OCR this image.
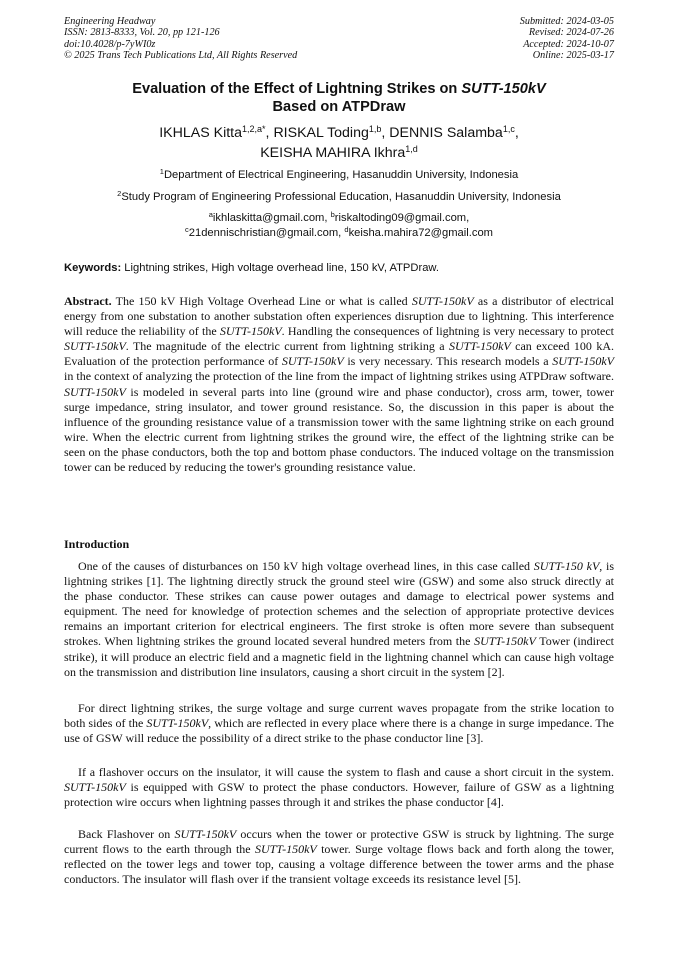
Engineering Headway
ISSN: 2813-8333, Vol. 20, pp 121-126
doi:10.4028/p-7yWI0z
© 2025 Trans Tech Publications Ltd, All Rights Reserved
Submitted: 2024-03-05
Revised: 2024-07-26
Accepted: 2024-10-07
Online: 2025-03-17
Evaluation of the Effect of Lightning Strikes on SUTT-150kV
Based on ATPDraw
IKHLAS Kitta$^{1,2,a*}$, RISKAL Toding$^{1,b}$, DENNIS Salamba$^{1,c}$,
KEISHA MAHIRA Ikhra$^{1,d}$
$^1$Department of Electrical Engineering, Hasanuddin University, Indonesia
$^2$Study Program of Engineering Professional Education, Hasanuddin University, Indonesia
$^a$ikhlaskitta@gmail.com, $^b$riskaltoding09@gmail.com,
$^c$21dennischristian@gmail.com, $^d$keisha.mahira72@gmail.com
Keywords: Lightning strikes, High voltage overhead line, 150 kV, ATPDraw.
Abstract. The 150 kV High Voltage Overhead Line or what is called SUTT-150kV as a distributor of electrical energy from one substation to another substation often experiences disruption due to lightning. This interference will reduce the reliability of the SUTT-150kV. Handling the consequences of lightning is very necessary to protect SUTT-150kV. The magnitude of the electric current from lightning striking a SUTT-150kV can exceed 100 kA. Evaluation of the protection performance of SUTT-150kV is very necessary. This research models a SUTT-150kV in the context of analyzing the protection of the line from the impact of lightning strikes using ATPDraw software. SUTT-150kV is modeled in several parts into line (ground wire and phase conductor), cross arm, tower, tower surge impedance, string insulator, and tower ground resistance. So, the discussion in this paper is about the influence of the grounding resistance value of a transmission tower with the same lightning strike on each ground wire. When the electric current from lightning strikes the ground wire, the effect of the lightning strike can be seen on the phase conductors, both the top and bottom phase conductors. The induced voltage on the transmission tower can be reduced by reducing the tower's grounding resistance value.
Introduction
One of the causes of disturbances on 150 kV high voltage overhead lines, in this case called SUTT-150 kV, is lightning strikes [1]. The lightning directly struck the ground steel wire (GSW) and some also struck directly at the phase conductor. These strikes can cause power outages and damage to electrical power systems and equipment. The need for knowledge of protection schemes and the selection of appropriate protective devices remains an important criterion for electrical engineers. The first stroke is often more severe than subsequent strokes. When lightning strikes the ground located several hundred meters from the SUTT-150kV Tower (indirect strike), it will produce an electric field and a magnetic field in the lightning channel which can cause high voltage on the transmission and distribution line insulators, causing a short circuit in the system [2].
For direct lightning strikes, the surge voltage and surge current waves propagate from the strike location to both sides of the SUTT-150kV, which are reflected in every place where there is a change in surge impedance. The use of GSW will reduce the possibility of a direct strike to the phase conductor line [3].
If a flashover occurs on the insulator, it will cause the system to flash and cause a short circuit in the system. SUTT-150kV is equipped with GSW to protect the phase conductors. However, failure of GSW as a lightning protection wire occurs when lightning passes through it and strikes the phase conductor [4].
Back Flashover on SUTT-150kV occurs when the tower or protective GSW is struck by lightning. The surge current flows to the earth through the SUTT-150kV tower. Surge voltage flows back and forth along the tower, reflected on the tower legs and tower top, causing a voltage difference between the tower arms and the phase conductors. The insulator will flash over if the transient voltage exceeds its resistance level [5].
